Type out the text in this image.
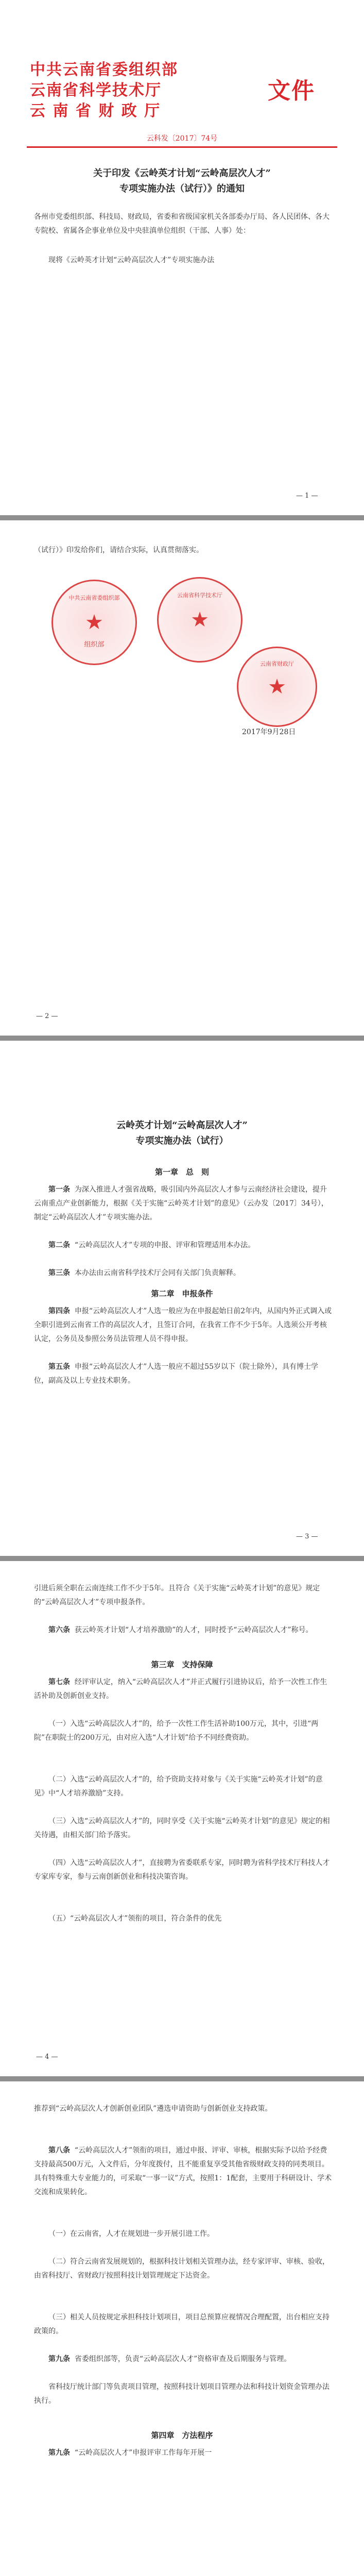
中共云南省委组织部
云南省科学技术厅
云 南 省 财 政 厅
文件
云科发〔2017〕74号
关于印发《云岭英才计划“云岭高层次人才”
专项实施办法（试行）》的通知
各州市党委组织部、科技局、财政局，省委和省级国家机关各部委办厅局、各人民团体、各大专院校、省属各企事业单位及中央驻滇单位组织（干部、人事）处：
现将《云岭英才计划“云岭高层次人才”专项实施办法
— 1 —
（试行）》印发给你们，请结合实际，认真贯彻落实。
★
中共云南省委组织部
组织部
★
云南省科学技术厅
★
云南省财政厅
2017年9月28日
— 2 —
云岭英才计划“云岭高层次人才”
专项实施办法（试行）
第一章　总　则
第一条 为深入推进人才强省战略，吸引国内外高层次人才参与云南经济社会建设，提升云南重点产业创新能力，根据《关于实施“云岭英才计划”的意见》（云办发〔2017〕34号），制定“云岭高层次人才”专项实施办法。
第二条 “云岭高层次人才”专项的申报、评审和管理适用本办法。
第三条 本办法由云南省科学技术厅会同有关部门负责解释。
第二章　申报条件
第四条 申报“云岭高层次人才”人选一般应为在申报起始日前2年内，从国内外正式调入或全职引进到云南省工作的高层次人才，且签订合同，在我省工作不少于5年。人选须公开考核认定，公务员及参照公务员法管理人员不得申报。
第五条 申报“云岭高层次人才”人选一般应不超过55岁以下（院士除外），具有博士学位，副高及以上专业技术职务。
— 3 —
引进后须全职在云南连续工作不少于5年。且符合《关于实施“云岭英才计划”的意见》规定的“云岭高层次人才”专项申报条件。
第六条 获云岭英才计划“人才培养激励”的人才，同时授予“云岭高层次人才”称号。
第三章　支持保障
第七条 经评审认定，纳入“云岭高层次人才”并正式履行引进协议后，给予一次性工作生活补助及创新创业支持。
（一）入选“云岭高层次人才”的，给予一次性工作生活补助100万元，其中，引进“两院”在职院士的200万元，由对应入选“人才计划”给予不同经费资助。
（二）入选“云岭高层次人才”的，给予资助支持对象与《关于实施“云岭英才计划”的意见》中“人才培养激励”支持。
（三）入选“云岭高层次人才”的，同时享受《关于实施“云岭英才计划”的意见》规定的相关待遇，由相关部门给予落实。
（四）入选“云岭高层次人才”，直接聘为省委联系专家，同时聘为省科学技术厅科技人才专家库专家，参与云南创新创业和科技决策咨询。
（五）“云岭高层次人才”领衔的项目，符合条件的优先
— 4 —
推荐到“云岭高层次人才创新创业团队”遴选申请资助与创新创业支持政策。
第八条 “云岭高层次人才”领衔的项目，通过申报、评审、审核，根据实际予以给予经费支持最高500万元，入文件后，分年度拨付，且不能重复享受其他省级财政支持的同类项目。具有特殊重大专业能力的，可采取“一事一议”方式，按照1：1配套，主要用于科研设计、学术交流和成果转化。
（一）在云南省，人才在规划进一步开展引进工作。
（二）符合云南省发展规划的，根据科技计划相关管理办法，经专家评审、审核、验收，由省科技厅、省财政厅按照科技计划管理规定下达资金。
（三）相关人员按规定承担科技计划项目，项目总预算应视情况合理配置，出台相应支持政策的。
第九条 省委组织部等，负责“云岭高层次人才”资格审查及后期服务与管理。
省科技厅统计部门等负责项目管理，按照科技计划项目管理办法和科技计划资金管理办法执行。
第四章　方法程序
第九条 “云岭高层次人才”申报评审工作每年开展一
